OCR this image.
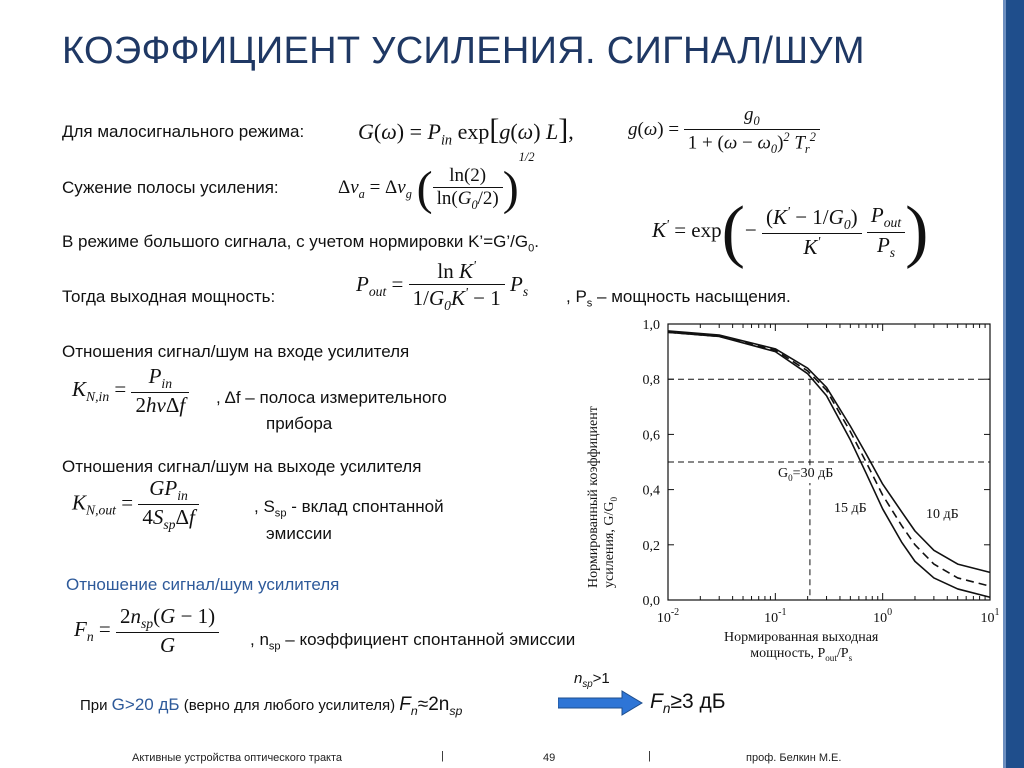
КОЭФФИЦИЕНТ УСИЛЕНИЯ. СИГНАЛ/ШУМ
Для малосигнального режима: $G(\omega) = P_{in}$ exp[g(ω) L],	$g(\omega) = \frac{g_0}{1 + (\omega - \omega_0)^2 T_r^2}$
Сужение полосы усиления:	$\Delta\nu_a = \Delta\nu_g$ ( $\frac{\ln(2)}{\ln(G_0/2)} )^{1/2}$
В режиме большого сигнала, с учетом нормировки $K’=G’/G_0$.	$K' = \exp(- \frac{(K' - 1/G_0)}{K'}$
$\frac{P_{out}}{P_s}$ )
Тогда выходная мощность:
$P_{out} = \frac{\ln K'}{1/G_0K' - 1} P_s$ , $P_s$ – мощность насыщения.
Отношения сигнал/шум на входе усилителя
$K_{N,in} = \frac{P_{in}}{\text{2hνΔf}}$ , Δf – полоса измерительного
прибора
Отношения сигнал/шум на выходе усилителя
$K_{N,out} = \frac{GP_{in}}{4S_{sp}\Delta f}$	, $S_{sp}$ - вклад спонтанной
эмиссии
Отношение сигнал/шум усилителя
$F_n = \frac{2n_{sp}(G - 1)}{G}$ , $n_{sp}$ – коэффициент спонтанной эмиссии
При G>20 дБ (верно для любого усилителя) $F_n\approx 2n_{sp}$
$n_{sp}>1$
$F_n\ge 3$ дБ
0,0
0,2
0,4
0,6
0,8
1,0
$10^{-2}$	$10^{-1}$	$10^0$	$10^1$
Нормированный коэффициент усиления, $G/G_0$
Нормированная выходная
мощность, $P_{out}/P_s$
$G_0=30$ дБ
15 дБ	10 дБ
Активные устройства оптического тракта	|	49	|	проф. Белкин М.Е.
